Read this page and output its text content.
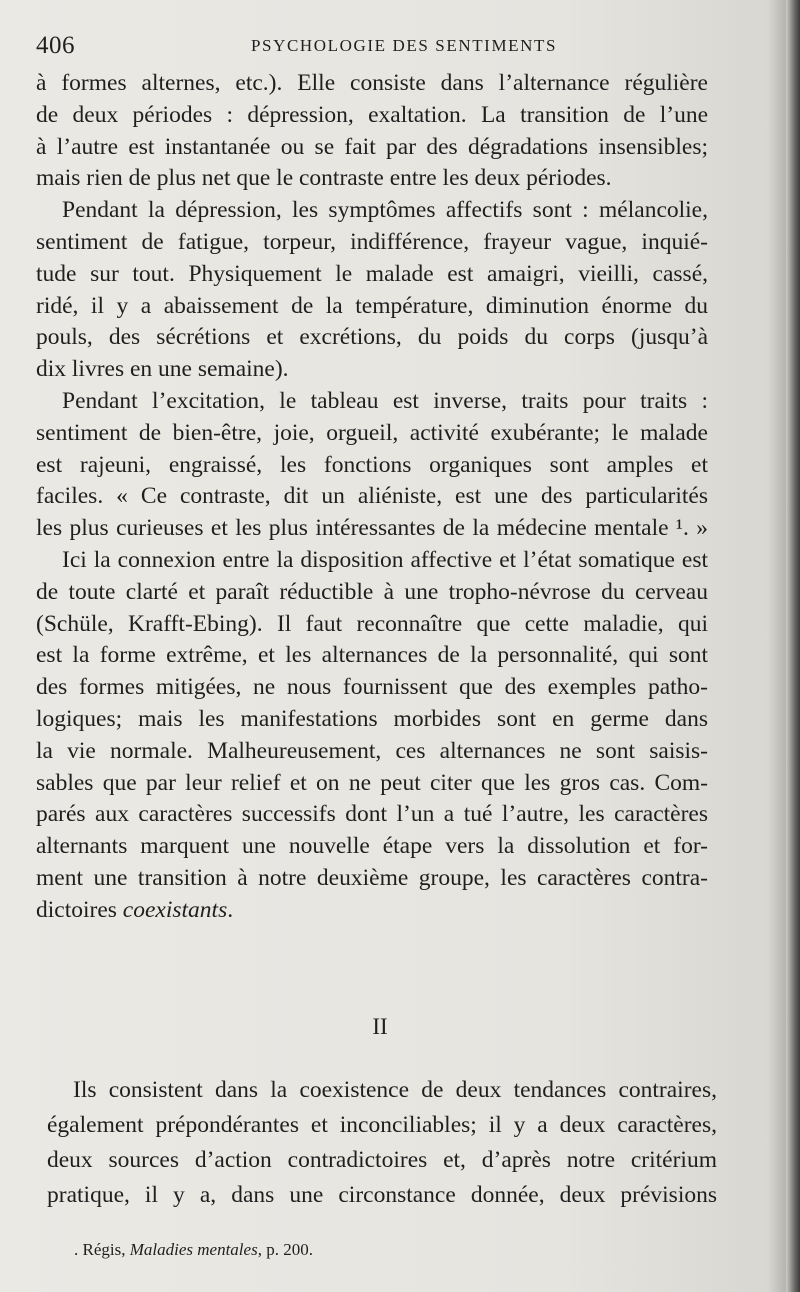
406	PSYCHOLOGIE DES SENTIMENTS
à formes alternes, etc.). Elle consiste dans l’alternance régulière
de deux périodes : dépression, exaltation. La transition de l’une
à l’autre est instantanée ou se fait par des dégradations insensibles;
mais rien de plus net que le contraste entre les deux périodes.
Pendant la dépression, les symptômes affectifs sont : mélancolie,
sentiment de fatigue, torpeur, indifférence, frayeur vague, inquié-
tude sur tout. Physiquement le malade est amaigri, vieilli, cassé,
ridé, il y a abaissement de la température, diminution énorme du
pouls, des sécrétions et excrétions, du poids du corps (jusqu’à
dix livres en une semaine).
Pendant l’excitation, le tableau est inverse, traits pour traits :
sentiment de bien-être, joie, orgueil, activité exubérante; le malade
est rajeuni, engraissé, les fonctions organiques sont amples et
faciles. « Ce contraste, dit un aliéniste, est une des particularités
les plus curieuses et les plus intéressantes de la médecine mentale ¹. »
Ici la connexion entre la disposition affective et l’état somatique est
de toute clarté et paraît réductible à une tropho-névrose du cerveau
(Schüle, Krafft-Ebing). Il faut reconnaître que cette maladie, qui
est la forme extrême, et les alternances de la personnalité, qui sont
des formes mitigées, ne nous fournissent que des exemples patho-
logiques; mais les manifestations morbides sont en germe dans
la vie normale. Malheureusement, ces alternances ne sont saisis-
sables que par leur relief et on ne peut citer que les gros cas. Com-
parés aux caractères successifs dont l’un a tué l’autre, les caractères
alternants marquent une nouvelle étape vers la dissolution et for-
ment une transition à notre deuxième groupe, les caractères contra-
dictoires coexistants.
II
Ils consistent dans la coexistence de deux tendances contraires,
également prépondérantes et inconciliables; il y a deux caractères,
deux sources d’action contradictoires et, d’après notre critérium
pratique, il y a, dans une circonstance donnée, deux prévisions
. Régis, Maladies mentales, p. 200.
